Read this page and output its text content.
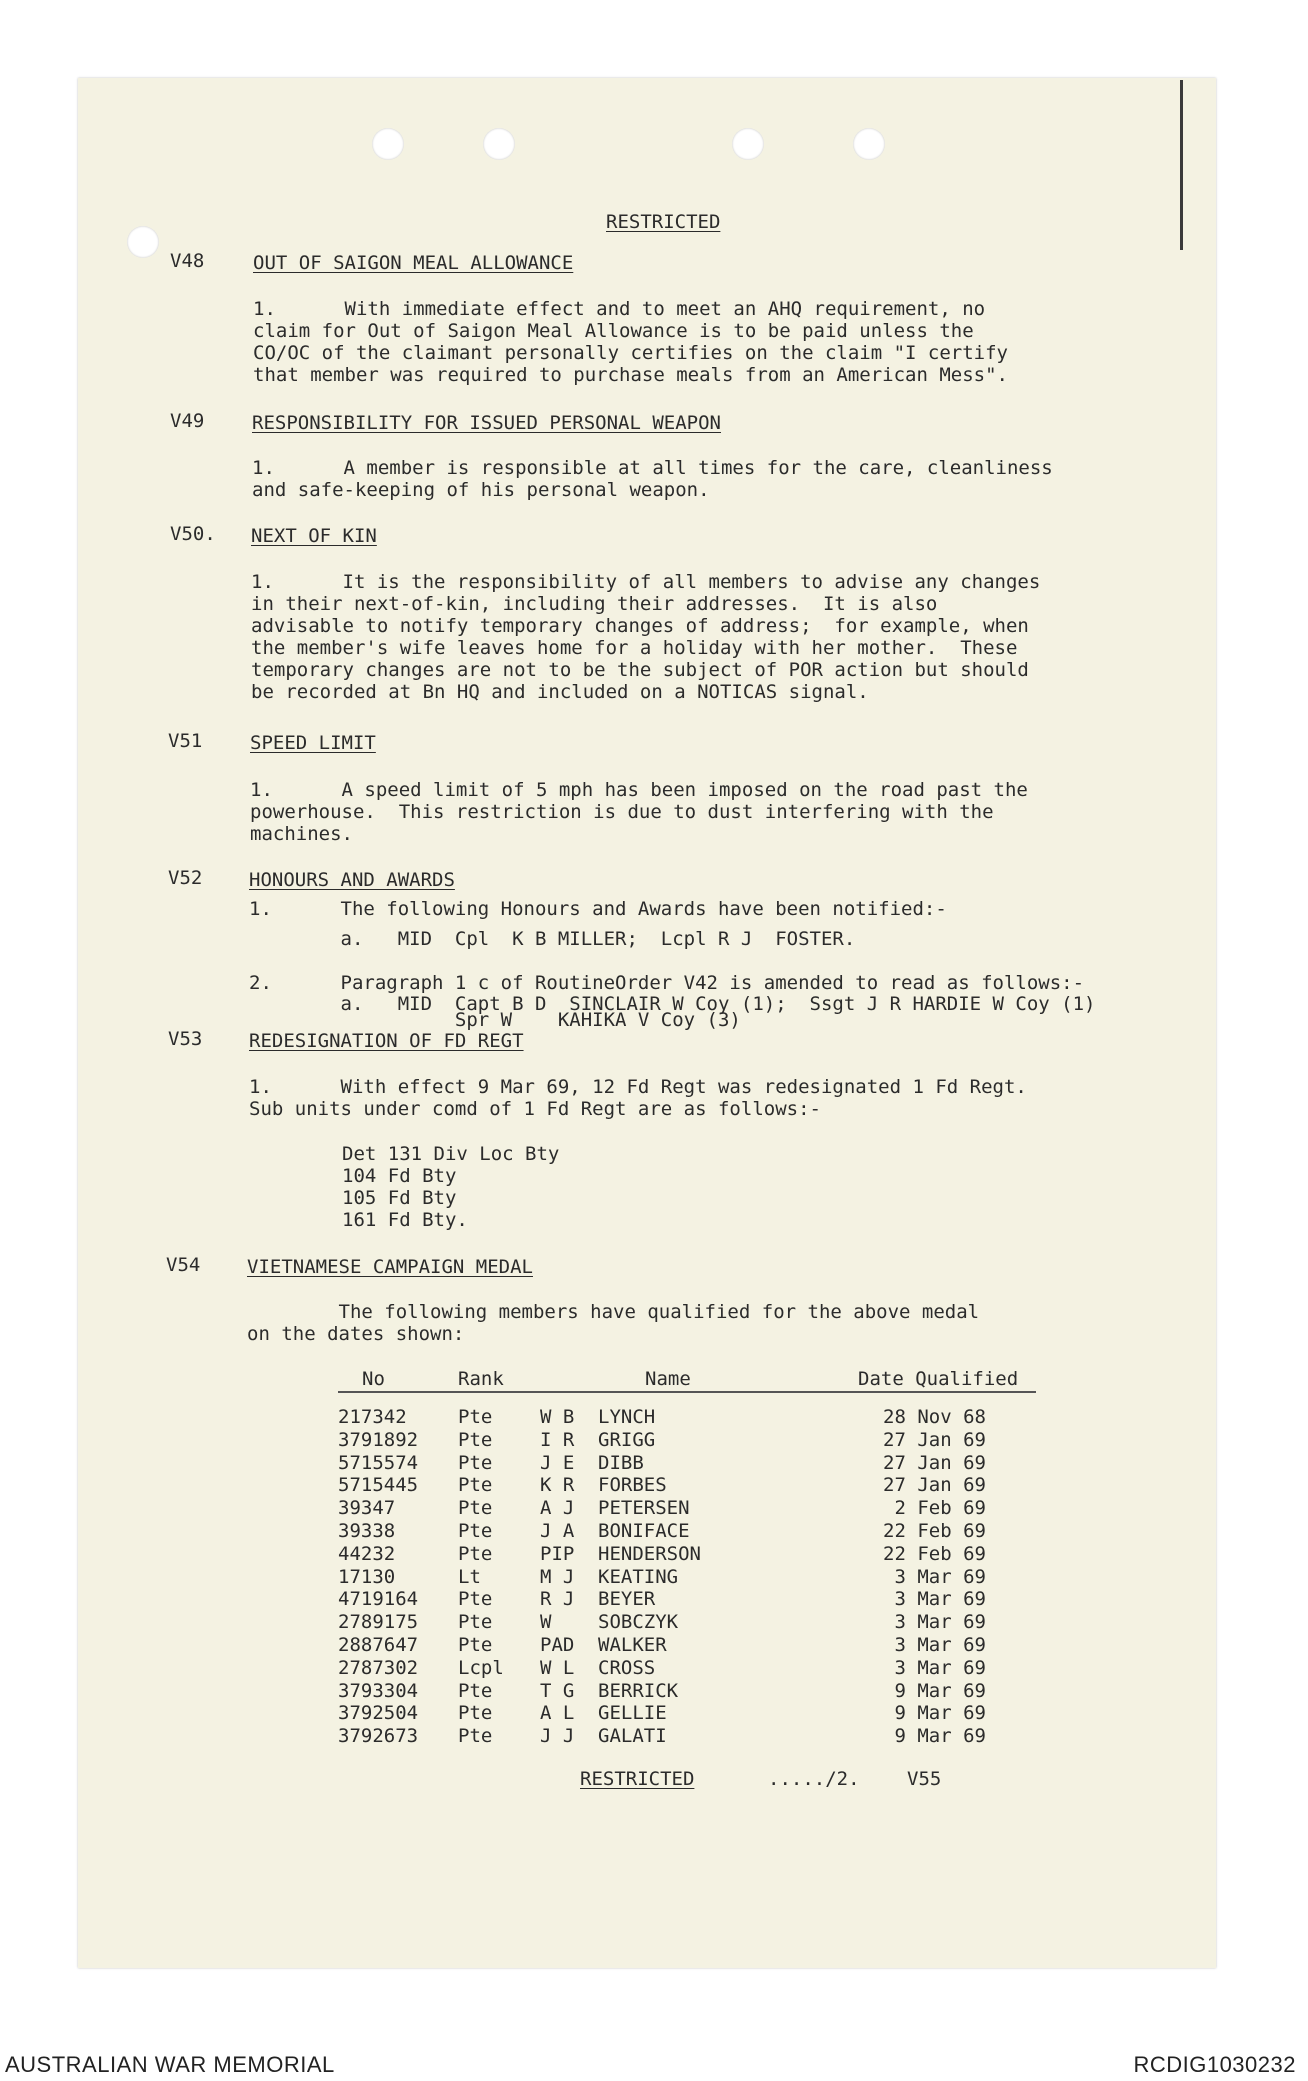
RESTRICTED
V48	OUT OF SAIGON MEAL ALLOWANCE
1.      With immediate effect and to meet an AHQ requirement, no
claim for Out of Saigon Meal Allowance is to be paid unless the
CO/OC of the claimant personally certifies on the claim "I certify
that member was required to purchase meals from an American Mess".
V49	RESPONSIBILITY FOR ISSUED PERSONAL WEAPON
1.      A member is responsible at all times for the care, cleanliness
and safe-keeping of his personal weapon.
V50. NEXT OF KIN
1.      It is the responsibility of all members to advise any changes
in their next-of-kin, including their addresses.  It is also
advisable to notify temporary changes of address;  for example, when
the member's wife leaves home for a holiday with her mother.  These
temporary changes are not to be the subject of POR action but should
be recorded at Bn HQ and included on a NOTICAS signal.
V51	SPEED LIMIT
1.      A speed limit of 5 mph has been imposed on the road past the
powerhouse.  This restriction is due to dust interfering with the
machines.
V52 HONOURS AND AWARDS
1.      The following Honours and Awards have been notified:-
a.   MID  Cpl  K B MILLER;  Lcpl R J  FOSTER.
2.      Paragraph 1 c of RoutineOrder V42 is amended to read as follows:-
a.   MID  Capt B D  SINCLAIR W Coy (1);  Ssgt J R HARDIE W Coy (1)
Spr W    KAHIKA V Coy (3)
V53 REDESIGNATION OF FD REGT
1.      With effect 9 Mar 69, 12 Fd Regt was redesignated 1 Fd Regt.
Sub units under comd of 1 Fd Regt are as follows:-
Det 131 Div Loc Bty
104 Fd Bty
105 Fd Bty
161 Fd Bty.
V54 VIETNAMESE CAMPAIGN MEDAL
The following members have qualified for the above medal
on the dates shown:
No	Rank	Name	Date Qualified
217342	Pte	W B LYNCH	28 Nov 68
3791892 Pte	I R GRIGG	27 Jan 69
5715574 Pte	J E DIBB	27 Jan 69
5715445 Pte	K R FORBES	27 Jan 69
39347	Pte	A J PETERSEN	2 Feb 69
39338	Pte	J A BONIFACE	22 Feb 69
44232	Pte	PIP HENDERSON	22 Feb 69
17130	Lt	M J KEATING	3 Mar 69
4719164 Pte	R J BEYER	3 Mar 69
2789175 Pte	W SOBCZYK	3 Mar 69
2887647 Pte	PAD WALKER	3 Mar 69
2787302 Lcpl W L CROSS	3 Mar 69
3793304 Pte	T G BERRICK	9 Mar 69
3792504 Pte	A L GELLIE	9 Mar 69
3792673 Pte	J J GALATI	9 Mar 69
RESTRICTED	...../2. V55
AUSTRALIAN WAR MEMORIAL	RCDIG1030232
